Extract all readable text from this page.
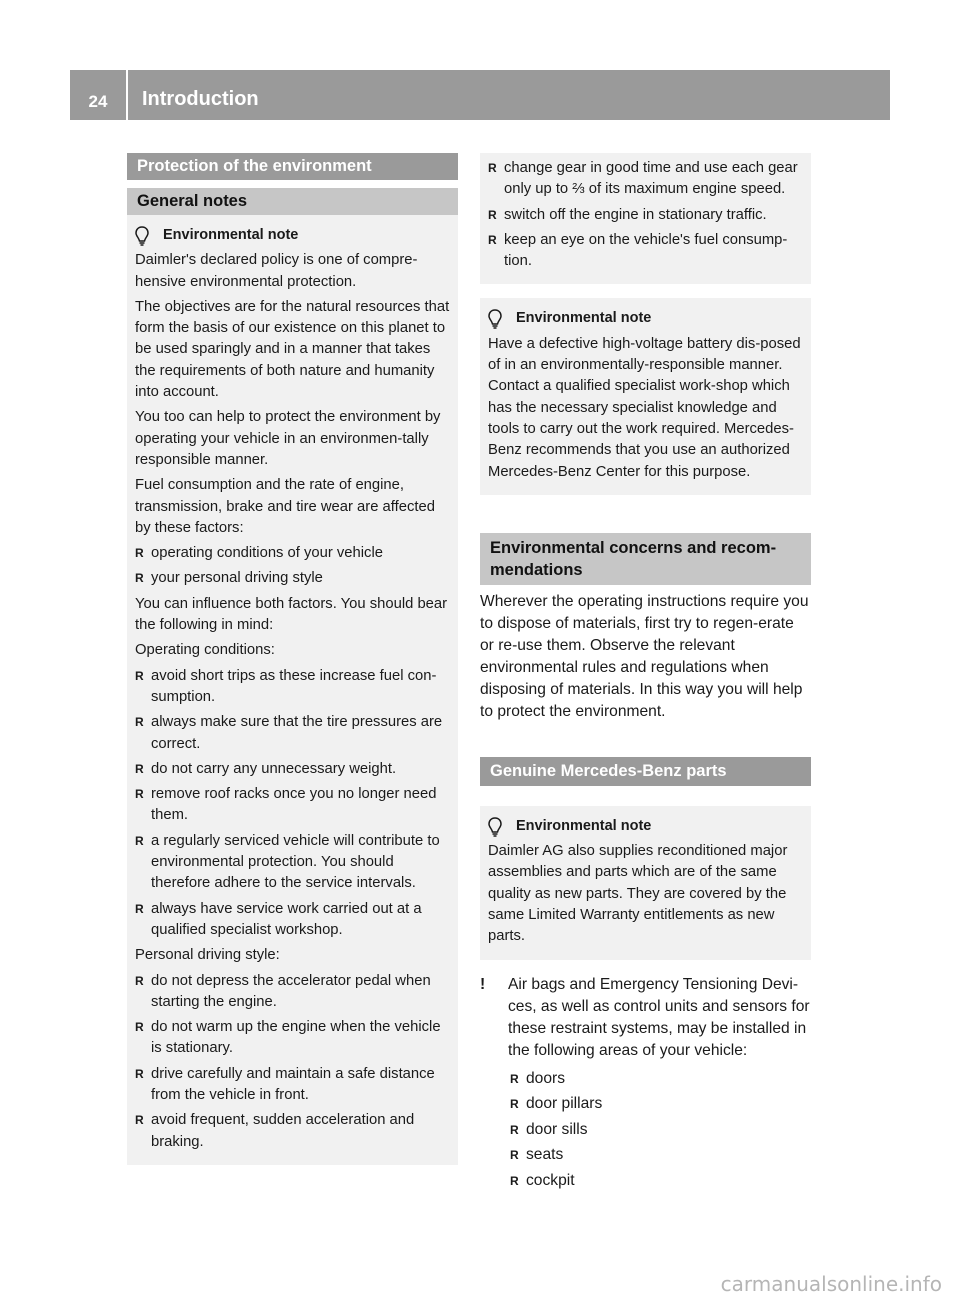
24	Introduction
Protection of the environment
General notes
Environmental note

Daimler's declared policy is one of compre-hensive environmental protection.

The objectives are for the natural resources that form the basis of our existence on this planet to be used sparingly and in a manner that takes the requirements of both nature and humanity into account.

You too can help to protect the environment by operating your vehicle in an environmen-tally responsible manner.

Fuel consumption and the rate of engine, transmission, brake and tire wear are affected by these factors:

R operating conditions of your vehicle
R your personal driving style

You can influence both factors. You should bear the following in mind:

Operating conditions:

R avoid short trips as these increase fuel con-sumption.
R always make sure that the tire pressures are correct.
R do not carry any unnecessary weight.
R remove roof racks once you no longer need them.
R a regularly serviced vehicle will contribute to environmental protection. You should therefore adhere to the service intervals.
R always have service work carried out at a qualified specialist workshop.

Personal driving style:

R do not depress the accelerator pedal when starting the engine.
R do not warm up the engine when the vehicle is stationary.
R drive carefully and maintain a safe distance from the vehicle in front.
R avoid frequent, sudden acceleration and braking.
R change gear in good time and use each gear only up to ⅔ of its maximum engine speed.
R switch off the engine in stationary traffic.
R keep an eye on the vehicle's fuel consump-tion.
Environmental note

Have a defective high-voltage battery dis-posed of in an environmentally-responsible manner. Contact a qualified specialist work-shop which has the necessary specialist knowledge and tools to carry out the work required. Mercedes-Benz recommends that you use an authorized Mercedes-Benz Center for this purpose.

Environmental concerns and recom-mendations

Wherever the operating instructions require you to dispose of materials, first try to regen-erate or re-use them. Observe the relevant environmental rules and regulations when disposing of materials. In this way you will help to protect the environment.

Genuine Mercedes-Benz parts
Environmental note

Daimler AG also supplies reconditioned major assemblies and parts which are of the same quality as new parts. They are covered by the same Limited Warranty entitlements as new parts.

! Air bags and Emergency Tensioning Devi-ces, as well as control units and sensors for these restraint systems, may be installed in the following areas of your vehicle:

R doors
R door pillars
R door sills
R seats
R cockpit
carmanualsonline.info
